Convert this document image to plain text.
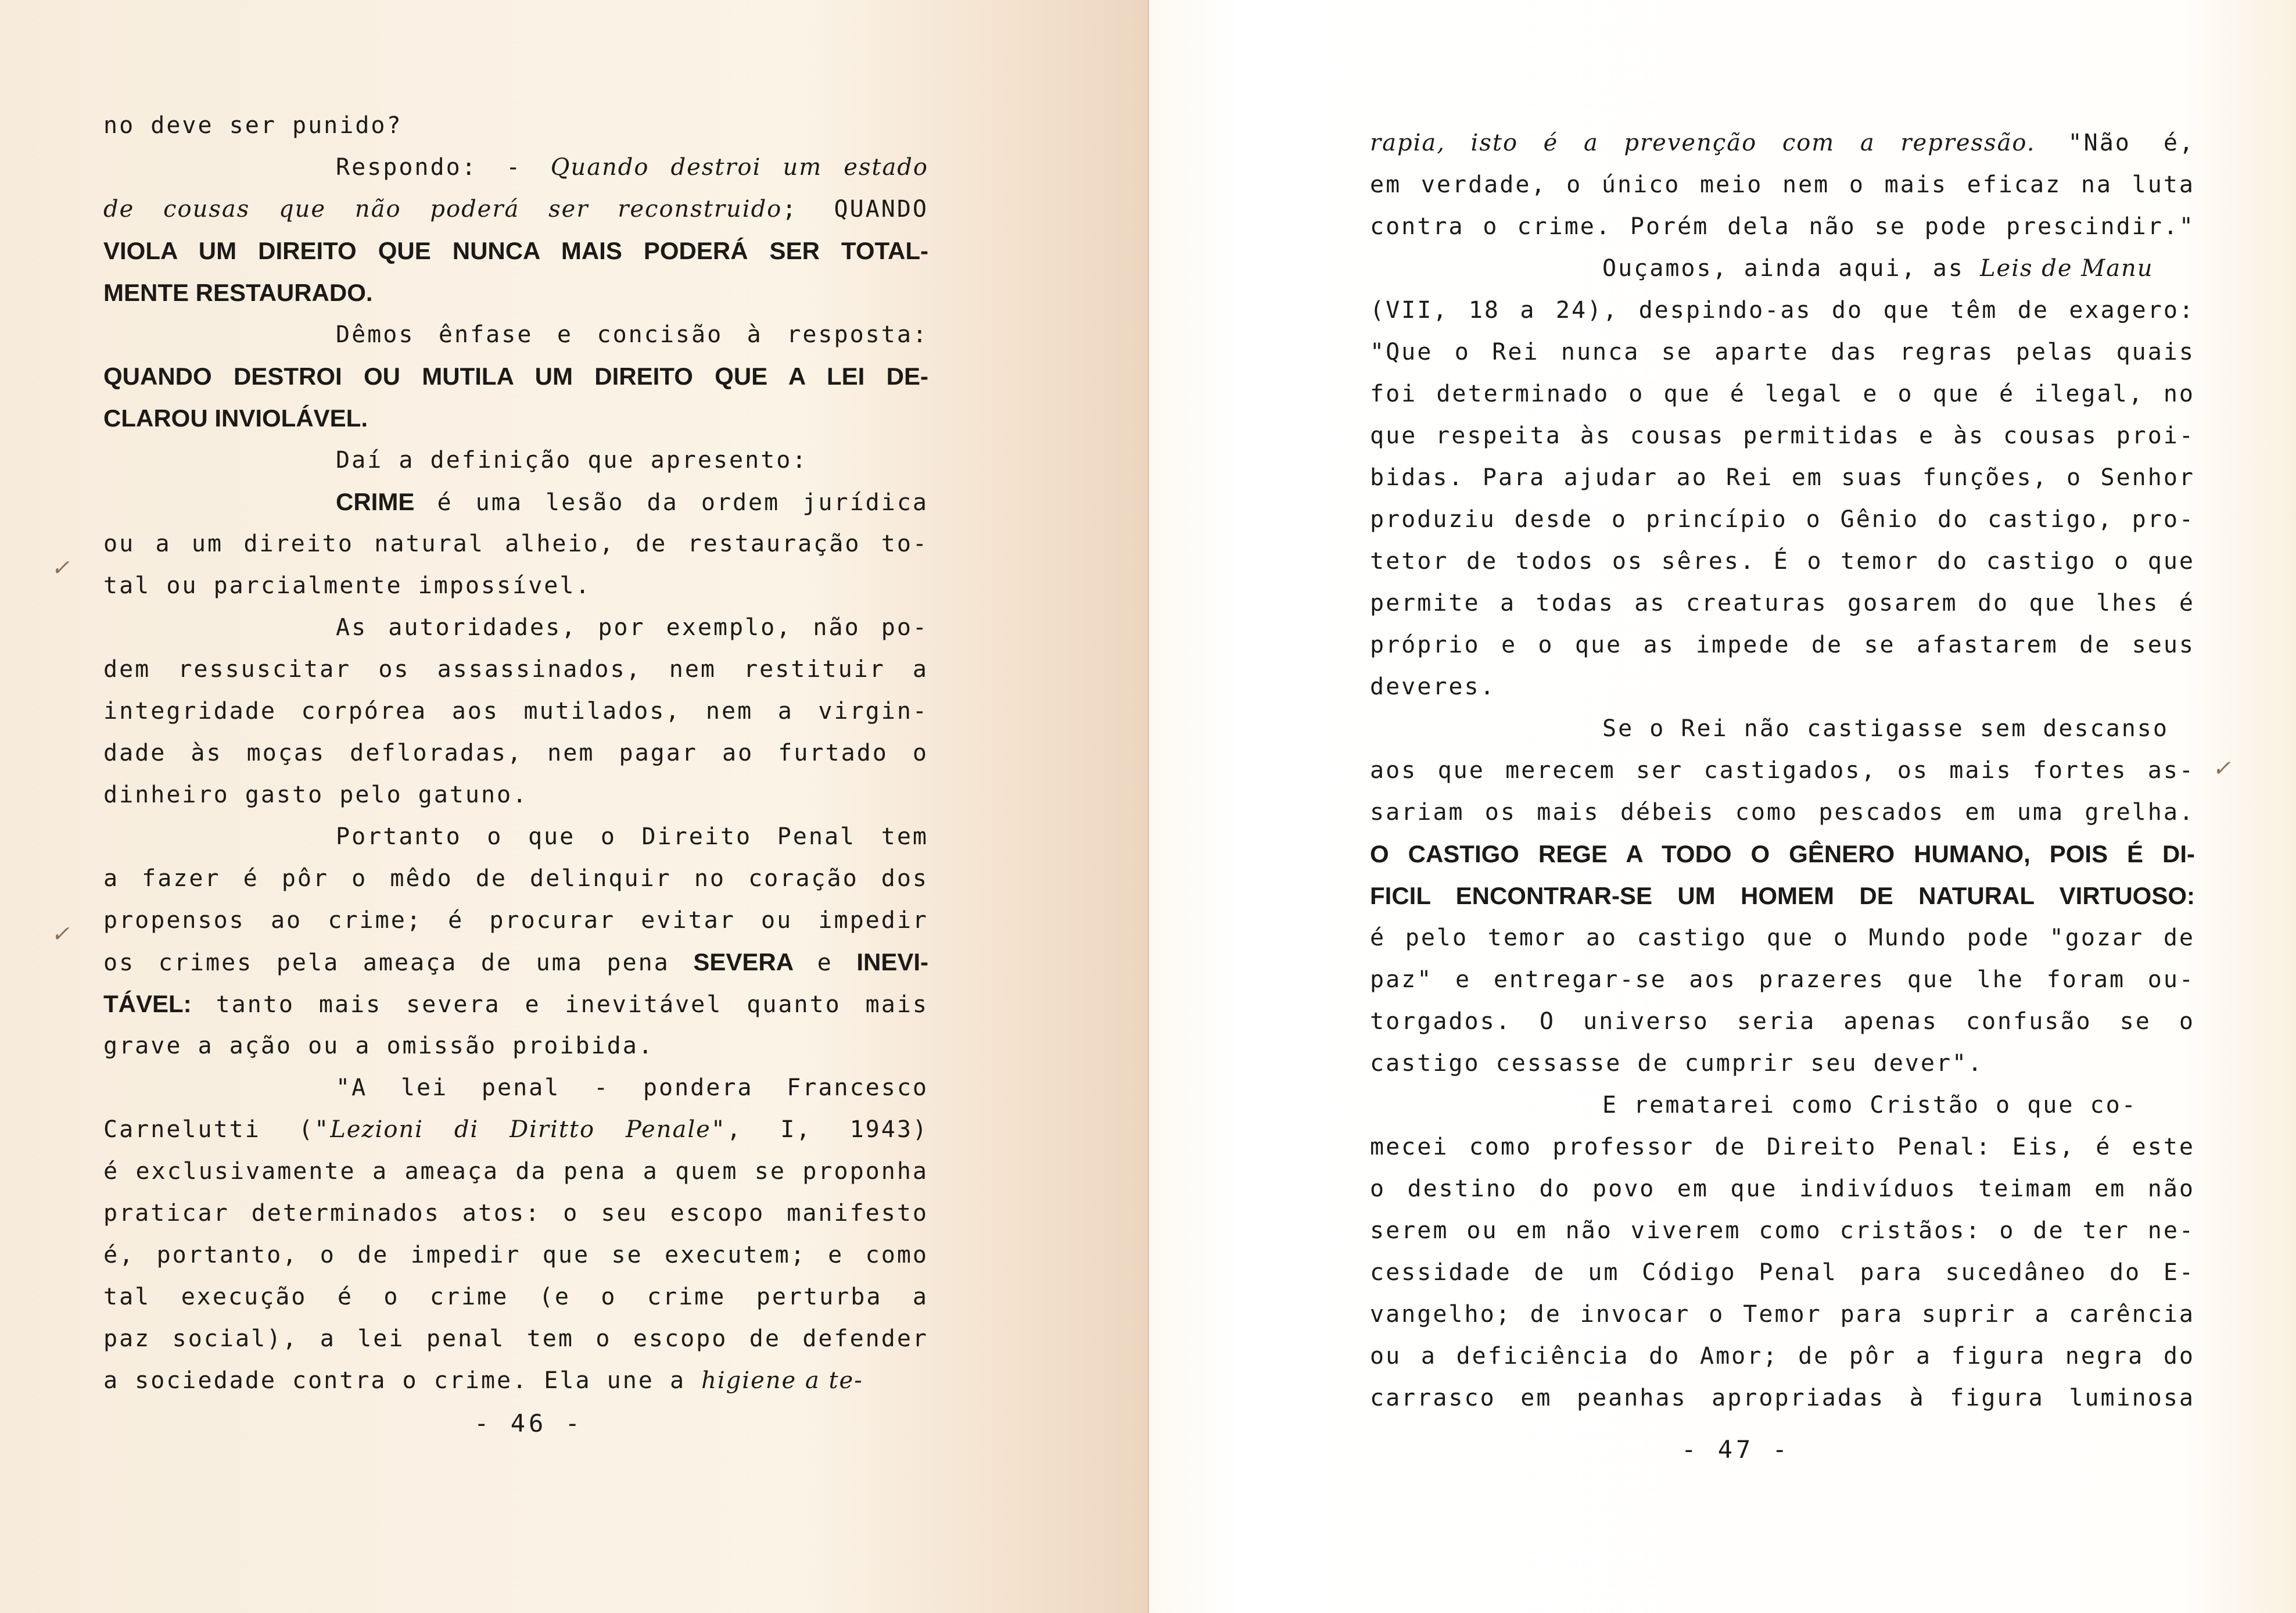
no deve ser punido?
Respondo: - Quando destroi um estado
de cousas que não poderá ser reconstruido; QUANDO
VIOLA UM DIREITO QUE NUNCA MAIS PODERÁ SER TOTAL-
MENTE RESTAURADO.
Dêmos ênfase e concisão à resposta:
QUANDO DESTROI OU MUTILA UM DIREITO QUE A LEI DE-
CLAROU INVIOLÁVEL.
Daí a definição que apresento:
CRIME é uma lesão da ordem jurídica
ou a um direito natural alheio, de restauração to-
tal ou parcialmente impossível.
As autoridades, por exemplo, não po-
dem ressuscitar os assassinados, nem restituir a
integridade corpórea aos mutilados, nem a virgin-
dade às moças defloradas, nem pagar ao furtado o
dinheiro gasto pelo gatuno.
Portanto o que o Direito Penal tem
a fazer é pôr o mêdo de delinquir no coração dos
propensos ao crime; é procurar evitar ou impedir
os crimes pela ameaça de uma pena SEVERA e INEVI-
TÁVEL: tanto mais severa e inevitável quanto mais
grave a ação ou a omissão proibida.
"A lei penal - pondera Francesco
Carnelutti ("Lezioni di Diritto Penale", I, 1943)
é exclusivamente a ameaça da pena a quem se proponha
praticar determinados atos: o seu escopo manifesto
é, portanto, o de impedir que se executem; e como
tal execução é o crime (e o crime perturba a
paz social), a lei penal tem o escopo de defender
a sociedade contra o crime. Ela une a higiene a te-
- 46 -
✓
✓
rapia, isto é a prevenção com a repressão. "Não é,
em verdade, o único meio nem o mais eficaz na luta
contra o crime. Porém dela não se pode prescindir."
Ouçamos, ainda aqui, as Leis de Manu
(VII, 18 a 24), despindo-as do que têm de exagero:
"Que o Rei nunca se aparte das regras pelas quais
foi determinado o que é legal e o que é ilegal, no
que respeita às cousas permitidas e às cousas proi-
bidas. Para ajudar ao Rei em suas funções, o Senhor
produziu desde o princípio o Gênio do castigo, pro-
tetor de todos os sêres. É o temor do castigo o que
permite a todas as creaturas gosarem do que lhes é
próprio e o que as impede de se afastarem de seus
deveres.
Se o Rei não castigasse sem descanso
aos que merecem ser castigados, os mais fortes as-
sariam os mais débeis como pescados em uma grelha.
O CASTIGO REGE A TODO O GÊNERO HUMANO, POIS É DI-
FICIL ENCONTRAR-SE UM HOMEM DE NATURAL VIRTUOSO:
é pelo temor ao castigo que o Mundo pode "gozar de
paz" e entregar-se aos prazeres que lhe foram ou-
torgados. O universo seria apenas confusão se o
castigo cessasse de cumprir seu dever".
E rematarei como Cristão o que co-
mecei como professor de Direito Penal: Eis, é este
o destino do povo em que indivíduos teimam em não
serem ou em não viverem como cristãos: o de ter ne-
cessidade de um Código Penal para sucedâneo do E-
vangelho; de invocar o Temor para suprir a carência
ou a deficiência do Amor; de pôr a figura negra do
carrasco em peanhas apropriadas à figura luminosa
- 47 -
✓
